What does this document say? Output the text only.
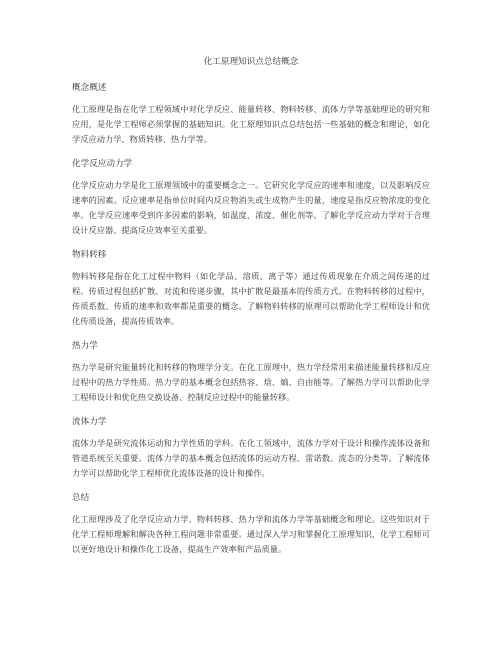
化工原理知识点总结概念
概念概述

化工原理是指在化学工程领域中对化学反应、能量转移、物料转移、流体力学等基础理论的研究和应用，是化学工程师必须掌握的基础知识。化工原理知识点总结包括一些基础的概念和理论，如化学反应动力学、物质转移、热力学等。

化学反应动力学

化学反应动力学是化工原理领域中的重要概念之一。它研究化学反应的速率和速度，以及影响反应速率的因素。反应速率是指单位时间内反应物消失或生成物产生的量，速度是指反应物浓度的变化率。化学反应速率受到许多因素的影响，如温度、浓度、催化剂等。了解化学反应动力学对于合理设计反应器、提高反应效率至关重要。

物料转移

物料转移是指在化工过程中物料（如化学品、溶质、离子等）通过传质现象在介质之间传递的过程。传质过程包括扩散、对流和传递步骤，其中扩散是最基本的传质方式。在物料转移的过程中，传质系数、传质的速率和效率都是重要的概念。了解物料转移的原理可以帮助化学工程师设计和优化传质设备，提高传质效率。

热力学

热力学是研究能量转化和转移的物理学分支。在化工原理中，热力学经常用来描述能量转移和反应过程中的热力学性质。热力学的基本概念包括热容、焓、熵、自由能等。了解热力学可以帮助化学工程师设计和优化热交换设备、控制反应过程中的能量转移。

流体力学

流体力学是研究流体运动和力学性质的学科。在化工领域中，流体力学对于设计和操作流体设备和管道系统至关重要。流体力学的基本概念包括流体的运动方程、雷诺数、流态的分类等。了解流体力学可以帮助化学工程师优化流体设备的设计和操作。

总结

化工原理涉及了化学反应动力学、物料转移、热力学和流体力学等基础概念和理论。这些知识对于化学工程师理解和解决各种工程问题非常重要。通过深入学习和掌握化工原理知识，化学工程师可以更好地设计和操作化工设备，提高生产效率和产品质量。
